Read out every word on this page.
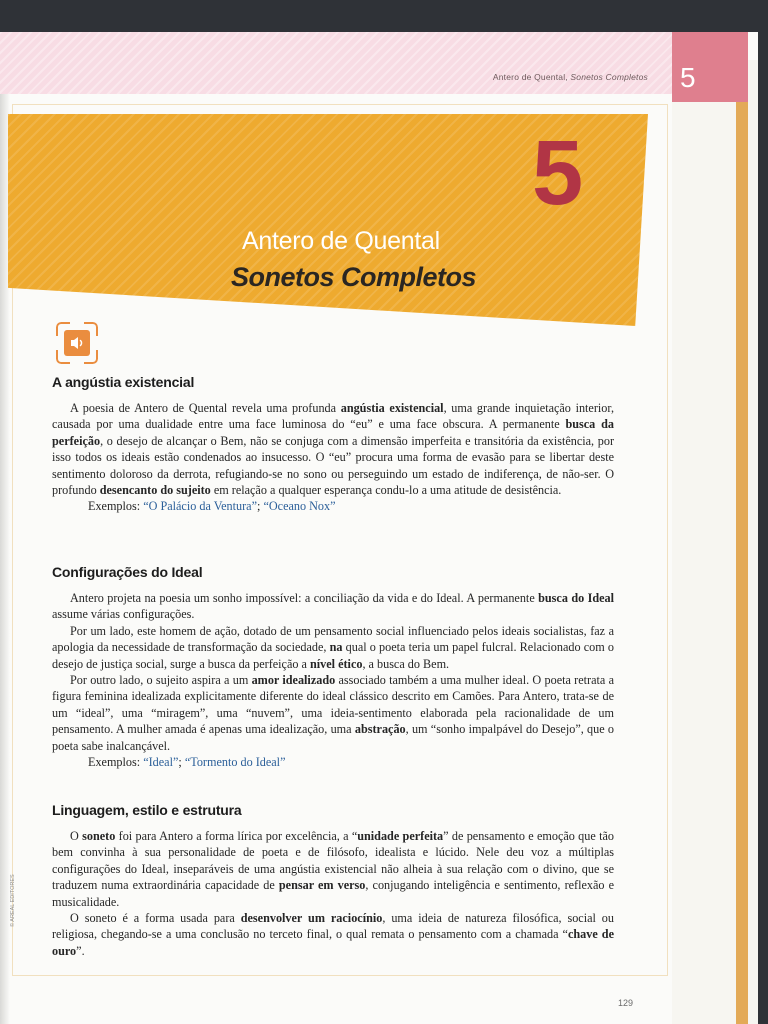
5
Antero de Quental, Sonetos Completos
5
Antero de Quental
Sonetos Completos
A angústia existencial

A poesia de Antero de Quental revela uma profunda angústia existencial, uma grande inquietação interior, causada por uma dualidade entre uma face luminosa do “eu” e uma face obscura. A permanente busca da perfeição, o desejo de alcançar o Bem, não se conjuga com a dimensão imperfeita e transitória da existência, por isso todos os ideais estão condenados ao insucesso. O “eu” procura uma forma de evasão para se libertar deste sentimento doloroso da derrota, refugiando-se no sono ou perseguindo um estado de indiferença, de não-ser. O profundo desencanto do sujeito em relação a qualquer esperança condu-lo a uma atitude de desistência.

Exemplos: “O Palácio da Ventura”; “Oceano Nox”

Configurações do Ideal

Antero projeta na poesia um sonho impossível: a conciliação da vida e do Ideal. A permanente busca do Ideal assume várias configurações.

Por um lado, este homem de ação, dotado de um pensamento social influenciado pelos ideais socialistas, faz a apologia da necessidade de transformação da sociedade, na qual o poeta teria um papel fulcral. Relacionado com o desejo de justiça social, surge a busca da perfeição a nível ético, a busca do Bem.

Por outro lado, o sujeito aspira a um amor idealizado associado também a uma mulher ideal. O poeta retrata a figura feminina idealizada explicitamente diferente do ideal clássico descrito em Camões. Para Antero, trata-se de um “ideal”, uma “miragem”, uma “nuvem”, uma ideia-sentimento elaborada pela racionalidade de um pensamento. A mulher amada é apenas uma idealização, uma abstração, um “sonho impalpável do Desejo”, que o poeta sabe inalcançável.

Exemplos: “Ideal”; “Tormento do Ideal”

Linguagem, estilo e estrutura

O soneto foi para Antero a forma lírica por excelência, a “unidade perfeita” de pensamento e emoção que tão bem convinha à sua personalidade de poeta e de filósofo, idealista e lúcido. Nele deu voz a múltiplas configurações do Ideal, inseparáveis de uma angústia existencial não alheia à sua relação com o divino, que se traduzem numa extraordinária capacidade de pensar em verso, conjugando inteligência e sentimento, reflexão e musicalidade.

O soneto é a forma usada para desenvolver um raciocínio, uma ideia de natureza filosófica, social ou religiosa, chegando-se a uma conclusão no terceto final, o qual remata o pensamento com a chamada “chave de ouro”.

© AREAL EDITORES
129
